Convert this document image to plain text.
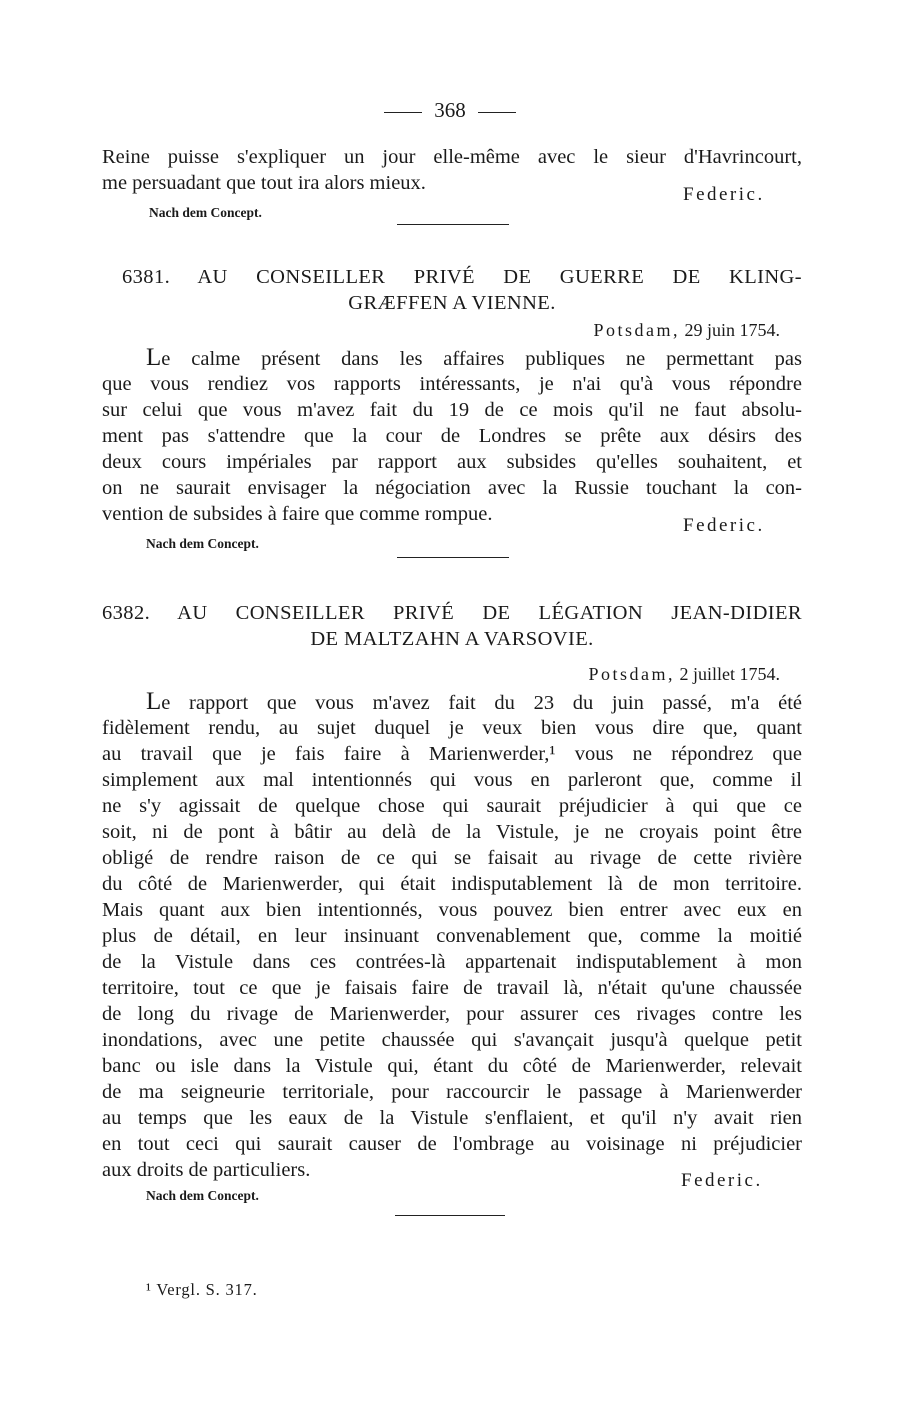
368
Reine puisse s'expliquer un jour elle-même avec le sieur d'Havrincourt,
me persuadant que tout ira alors mieux.
Federic.
Nach dem Concept.
6381. AU CONSEILLER PRIVÉ DE GUERRE DE KLING-
GRÆFFEN A VIENNE.
Potsdam, 29 juin 1754.
Le calme présent dans les affaires publiques ne permettant pas
que vous rendiez vos rapports intéressants, je n'ai qu'à vous répondre
sur celui que vous m'avez fait du 19 de ce mois qu'il ne faut absolu-
ment pas s'attendre que la cour de Londres se prête aux désirs des
deux cours impériales par rapport aux subsides qu'elles souhaitent, et
on ne saurait envisager la négociation avec la Russie touchant la con-
vention de subsides à faire que comme rompue.
Federic.
Nach dem Concept.
6382. AU CONSEILLER PRIVÉ DE LÉGATION JEAN-DIDIER
DE MALTZAHN A VARSOVIE.
Potsdam, 2 juillet 1754.
Le rapport que vous m'avez fait du 23 du juin passé, m'a été
fidèlement rendu, au sujet duquel je veux bien vous dire que, quant
au travail que je fais faire à Marienwerder,¹ vous ne répondrez que
simplement aux mal intentionnés qui vous en parleront que, comme il
ne s'y agissait de quelque chose qui saurait préjudicier à qui que ce
soit, ni de pont à bâtir au delà de la Vistule, je ne croyais point être
obligé de rendre raison de ce qui se faisait au rivage de cette rivière
du côté de Marienwerder, qui était indisputablement là de mon territoire.
Mais quant aux bien intentionnés, vous pouvez bien entrer avec eux en
plus de détail, en leur insinuant convenablement que, comme la moitié
de la Vistule dans ces contrées-là appartenait indisputablement à mon
territoire, tout ce que je faisais faire de travail là, n'était qu'une chaussée
de long du rivage de Marienwerder, pour assurer ces rivages contre les
inondations, avec une petite chaussée qui s'avançait jusqu'à quelque petit
banc ou isle dans la Vistule qui, étant du côté de Marienwerder, relevait
de ma seigneurie territoriale, pour raccourcir le passage à Marienwerder
au temps que les eaux de la Vistule s'enflaient, et qu'il n'y avait rien
en tout ceci qui saurait causer de l'ombrage au voisinage ni préjudicier
aux droits de particuliers.	Federic.
Nach dem Concept.
¹ Vergl. S. 317.
